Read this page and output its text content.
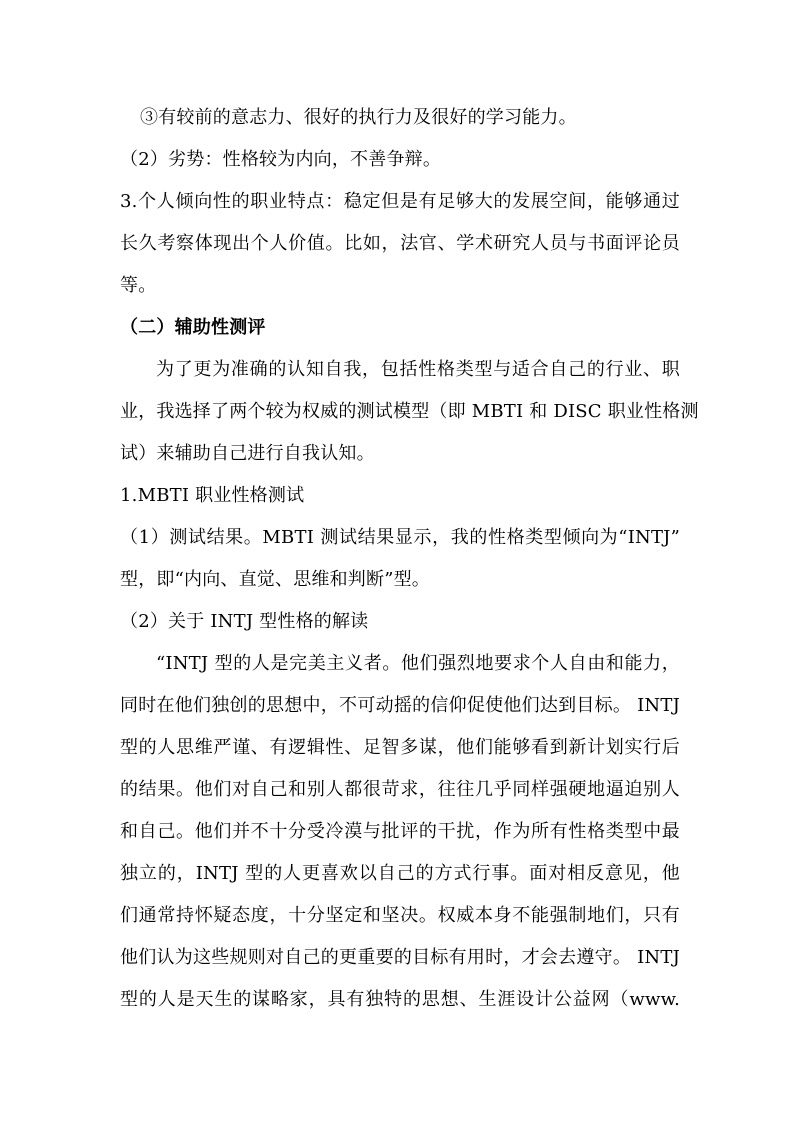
③有较前的意志力、很好的执行力及很好的学习能力。
（2）劣势：性格较为内向，不善争辩。
3.个人倾向性的职业特点：稳定但是有足够大的发展空间，能够通过
长久考察体现出个人价值。比如，法官、学术研究人员与书面评论员
等。
（二）辅助性测评
为了更为准确的认知自我，包括性格类型与适合自己的行业、职
业，我选择了两个较为权威的测试模型（即 MBTI 和 DISC 职业性格测
试）来辅助自己进行自我认知。
1.MBTI 职业性格测试
（1）测试结果。MBTI 测试结果显示，我的性格类型倾向为“INTJ”
型，即“内向、直觉、思维和判断”型。
（2）关于 INTJ 型性格的解读
“INTJ 型的人是完美主义者。他们强烈地要求个人自由和能力，
同时在他们独创的思想中，不可动摇的信仰促使他们达到目标。 INTJ
型的人思维严谨、有逻辑性、足智多谋，他们能够看到新计划实行后
的结果。他们对自己和别人都很苛求，往往几乎同样强硬地逼迫别人
和自己。他们并不十分受冷漠与批评的干扰，作为所有性格类型中最
独立的，INTJ 型的人更喜欢以自己的方式行事。面对相反意见，他
们通常持怀疑态度，十分坚定和坚决。权威本身不能强制地们，只有
他们认为这些规则对自己的更重要的目标有用时，才会去遵守。 INTJ
型的人是天生的谋略家，具有独特的思想、生涯设计公益网（www.
